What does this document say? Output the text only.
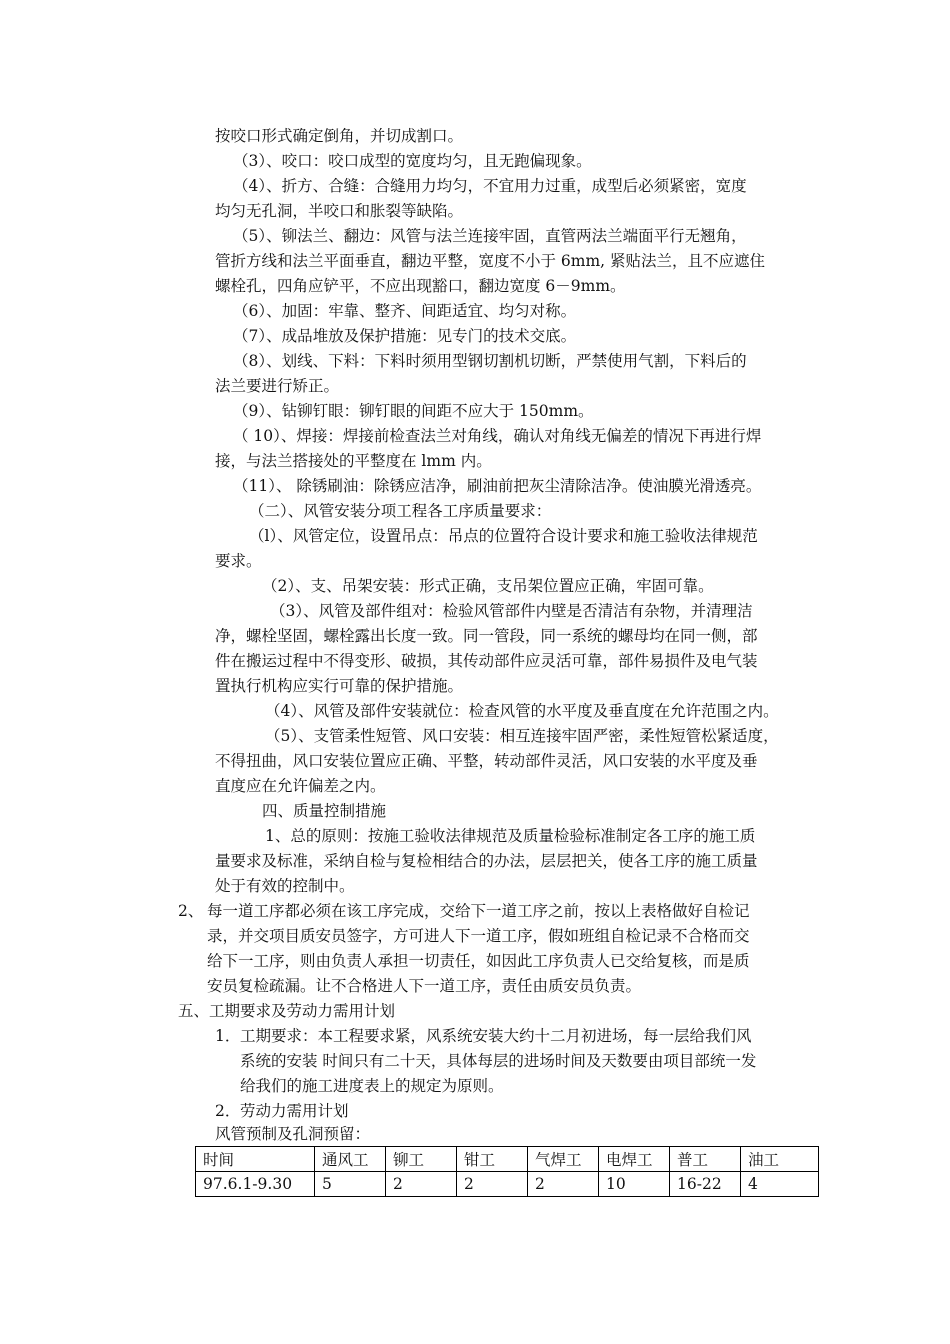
按咬口形式确定倒角，并切成割口。
（3）、咬口：咬口成型的宽度均匀，且无跑偏现象。
（4）、折方、合缝：合缝用力均匀，不宜用力过重，成型后必须紧密，宽度
均匀无孔洞，半咬口和胀裂等缺陷。
（5）、铆法兰、翻边：风管与法兰连接牢固，直管两法兰端面平行无翘角，
管折方线和法兰平面垂直，翻边平整，宽度不小于 6mm, 紧贴法兰，且不应遮住
螺栓孔，四角应铲平，不应出现豁口，翻边宽度 6－9mm。
（6）、加固：牢靠、整齐、间距适宜、均匀对称。
（7）、成品堆放及保护措施：见专门的技术交底。
（8）、划线、下料：下料时须用型钢切割机切断，严禁使用气割，下料后的
法兰要进行矫正。
（9）、钻铆钉眼：铆钉眼的间距不应大于 150mm。
（ 10）、焊接：焊接前检查法兰对角线，确认对角线无偏差的情况下再进行焊
接，与法兰搭接处的平整度在 lmm 内。
（11）、 除锈刷油：除锈应洁净，刷油前把灰尘清除洁净。使油膜光滑透亮。
（二）、风管安装分项工程各工序质量要求：
（l）、风管定位，设置吊点：吊点的位置符合设计要求和施工验收法律规范
要求。
（2）、支、吊架安装：形式正确，支吊架位置应正确，牢固可靠。
（3）、风管及部件组对：检验风管部件内壁是否清洁有杂物，并清理洁
净，螺栓坚固，螺栓露出长度一致。同一管段，同一系统的螺母均在同一侧，部
件在搬运过程中不得变形、破损，其传动部件应灵活可靠，部件易损件及电气装
置执行机构应实行可靠的保护措施。
（4）、风管及部件安装就位：检查风管的水平度及垂直度在允许范围之内。
（5）、支管柔性短管、风口安装：相互连接牢固严密，柔性短管松紧适度，
不得扭曲，风口安装位置应正确、平整，转动部件灵活，风口安装的水平度及垂
直度应在允许偏差之内。
四、质量控制措施
1、总的原则：按施工验收法律规范及质量检验标准制定各工序的施工质
量要求及标准，采纳自检与复检相结合的办法，层层把关，使各工序的施工质量
处于有效的控制中。
2、 每一道工序都必须在该工序完成，交给下一道工序之前，按以上表格做好自检记
录，并交项目质安员签字，方可进人下一道工序，假如班组自检记录不合格而交
给下一工序，则由负责人承担一切责任，如因此工序负责人已交给复核，而是质
安员复检疏漏。让不合格进人下一道工序，责任由质安员负责。
五、工期要求及劳动力需用计划
1． 工期要求：本工程要求紧，风系统安装大约十二月初进场，每一层给我们风
系统的安装 时间只有二十天，具体每层的进场时间及天数要由项目部统一发
给我们的施工进度表上的规定为原则。
2． 劳动力需用计划
风管预制及孔洞预留：
时间	通风工	铆工	钳工	气焊工	电焊工	普工	油工
97.6.1-9.30	5	2	2	2	10	16-22	4
